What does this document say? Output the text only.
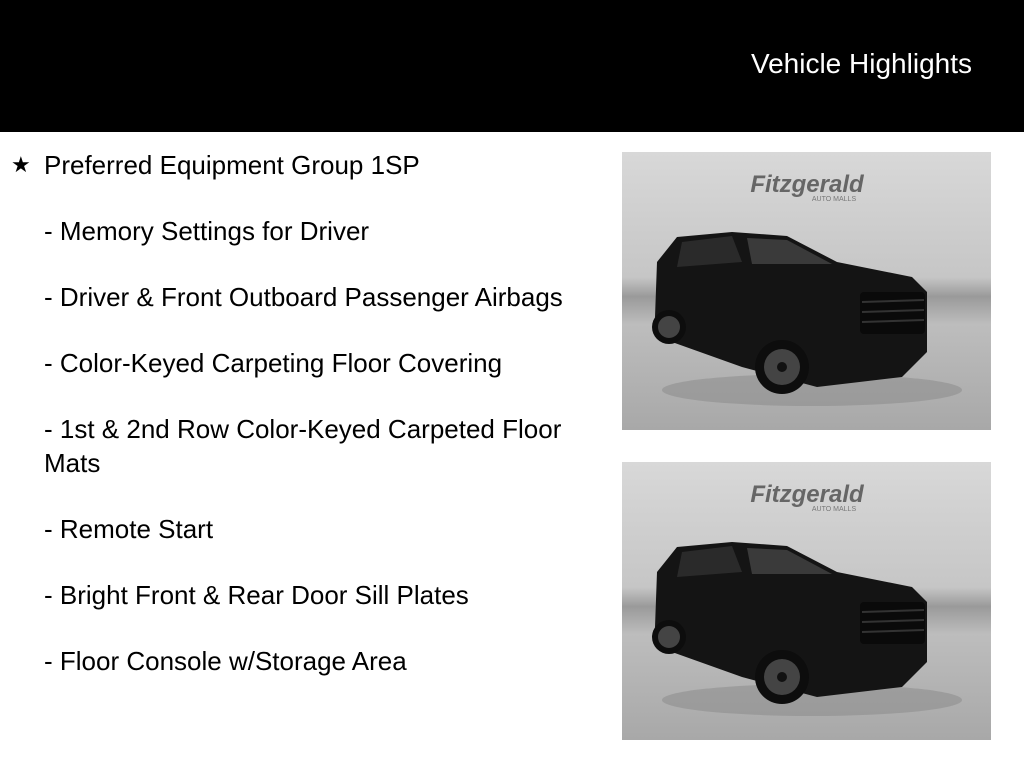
Vehicle Highlights
★ Preferred Equipment Group 1SP
- Memory Settings for Driver
- Driver & Front Outboard Passenger Airbags
- Color-Keyed Carpeting Floor Covering
- 1st & 2nd Row Color-Keyed Carpeted Floor Mats
- Remote Start
- Bright Front & Rear Door Sill Plates
- Floor Console w/Storage Area
Fitzgerald
AUTO MALLS
Fitzgerald
AUTO MALLS
